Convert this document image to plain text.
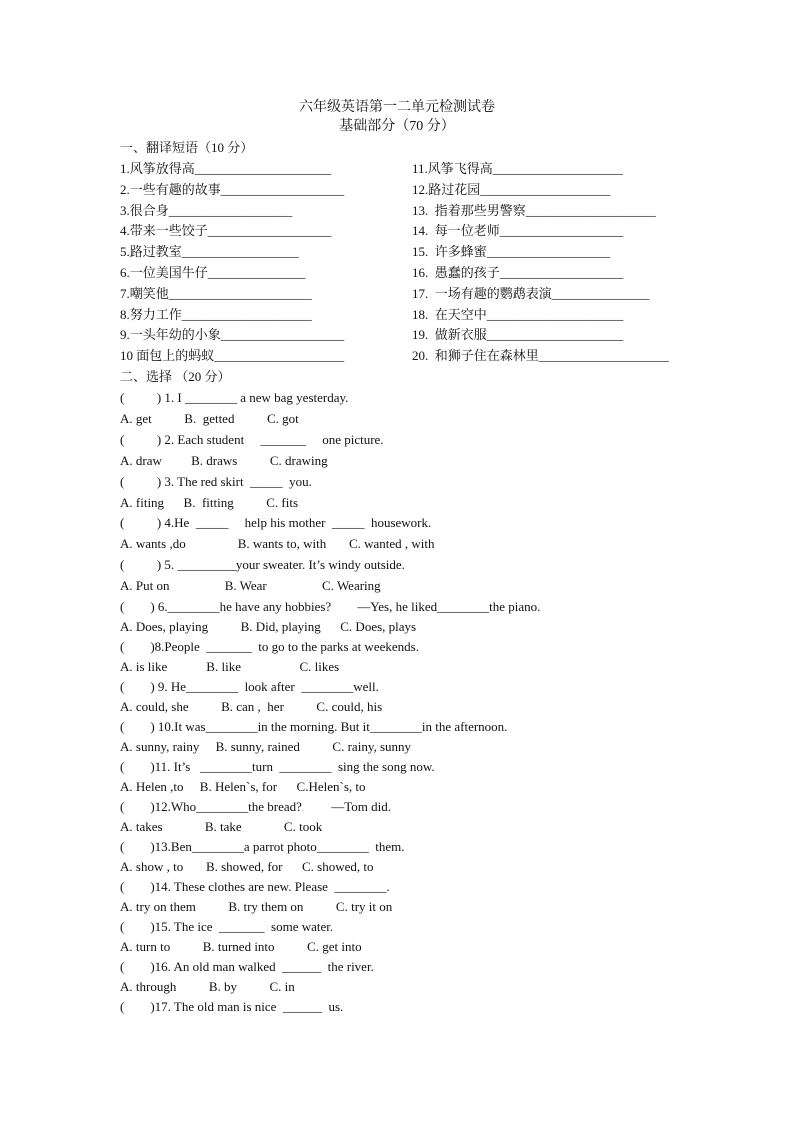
六年级英语第一二单元检测试卷
基础部分（70 分）
一、翻译短语（10 分）
1.风筝放得高_____________________
2.一些有趣的故事___________________
3.很合身___________________
4.带来一些饺子___________________
5.路过教室__________________
6.一位美国牛仔_______________
7.嘲笑他______________________
8.努力工作____________________
9.一头年幼的小象___________________
10 面包上的蚂蚁____________________
11.风筝飞得高____________________
12.路过花园____________________
13.  指着那些男警察____________________
14.  每一位老师___________________
15.  许多蜂蜜___________________
16.  愚蠢的孩子___________________
17.  一场有趣的鹦鹉表演_______________
18.  在天空中_____________________
19.  做新衣服_____________________
20.  和狮子住在森林里____________________
二、选择 （20 分）
(          ) 1. I ________ a new bag yesterday.
A. get          B.  getted          C. got
(          ) 2. Each student     _______     one picture.
A. draw         B. draws          C. drawing
(          ) 3. The red skirt  _____  you.
A. fiting      B.  fitting          C. fits
(          ) 4.He  _____     help his mother  _____  housework.
A. wants ,do                B. wants to, with       C. wanted , with
(          ) 5. _________your sweater. It’s windy outside.
A. Put on                 B. Wear                 C. Wearing
(        ) 6.________he have any hobbies?        —Yes, he liked________the piano.
A. Does, playing          B. Did, playing      C. Does, plays
(        )8.People  _______  to go to the parks at weekends.
A. is like            B. like                  C. likes
(        ) 9. He________  look after  ________well.
A. could, she          B. can ,  her          C. could, his
(        ) 10.It was________in the morning. But it________in the afternoon.
A. sunny, rainy     B. sunny, rained          C. rainy, sunny
(        )11. It’s   ________turn  ________  sing the song now.
A. Helen ,to     B. Helen`s, for      C.Helen`s, to
(        )12.Who________the bread?         —Tom did.
A. takes             B. take             C. took
(        )13.Ben________a parrot photo________  them.
A. show , to       B. showed, for      C. showed, to
(        )14. These clothes are new. Please  ________.
A. try on them          B. try them on          C. try it on
(        )15. The ice  _______  some water.
A. turn to          B. turned into          C. get into
(        )16. An old man walked  ______  the river.
A. through          B. by          C. in
(        )17. The old man is nice  ______  us.
